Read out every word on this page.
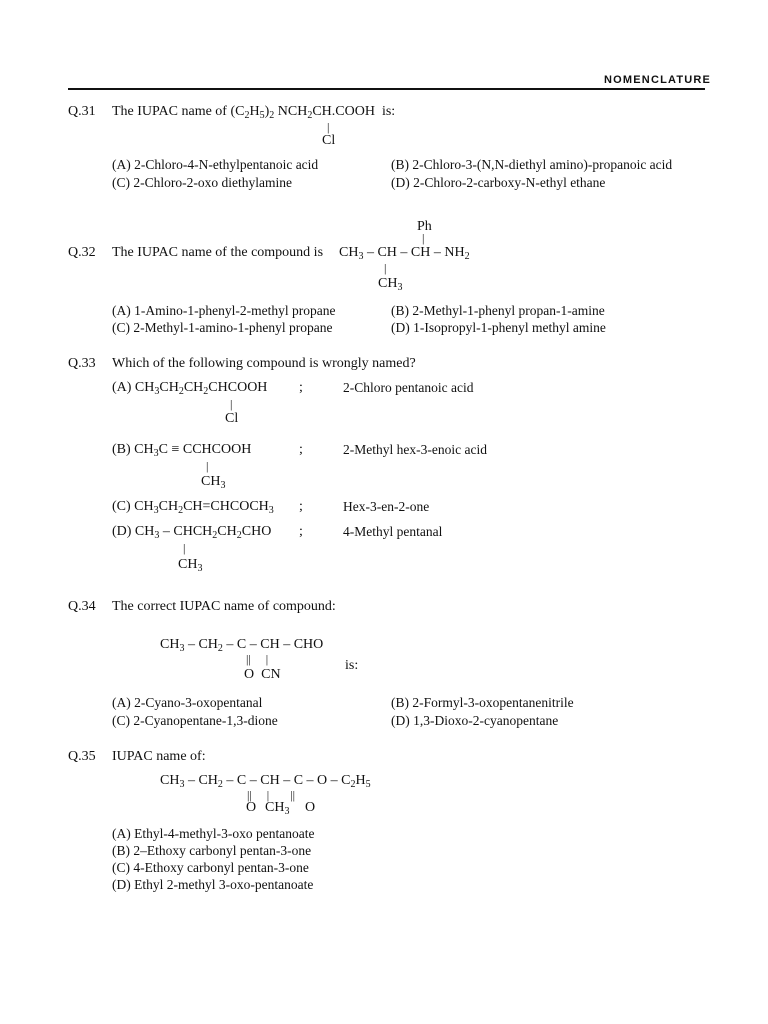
NOMENCLATURE
Q.31 The IUPAC name of $(C_2H_5)_2$ $NCH_2CH.COOH$ is:
|
Cl
(A) 2-Chloro-4-N-ethylpentanoic acid	(B) 2-Chloro-3-(N,N-diethyl amino)-propanoic acid
(C) 2-Chloro-2-oxo diethylamine	(D) 2-Chloro-2-carboxy-N-ethyl ethane
Ph
|
Q.32 The IUPAC name of the compound is $CH_3$ – CH – CH – $NH_2$
|
$CH_3$
(A) 1-Amino-1-phenyl-2-methyl propane	(B) 2-Methyl-1-phenyl propan-1-amine
(C) 2-Methyl-1-amino-1-phenyl propane	(D) 1-Isopropyl-1-phenyl methyl amine
Q.33 Which of the following compound is wrongly named?
(A) $CH_3CH_2CH_2CHCOOH$ ;	2-Chloro pentanoic acid
|
Cl
(B) $CH_3C$ ≡ CCHCOOH	;	2-Methyl hex-3-enoic acid
|
$CH_3$
(C) $CH_3CH_2CH=CHCOCH_3$ ;	Hex-3-en-2-one
(D) $CH_3$ – $CHCH_2CH_2CHO$ ;	4-Methyl pentanal
|
$CH_3$
Q.34 The correct IUPAC name of compound:
$CH_3 - CH_2$ – C – CH – CHO
||   |	is:
O  CN
(A) 2-Cyano-3-oxopentanal	(B) 2-Formyl-3-oxopentanenitrile
(C) 2-Cyanopentane-1,3-dione	(D) 1,3-Dioxo-2-cyanopentane
Q.35 IUPAC name of:
$CH_3 - CH_2$ – C – CH – C – O – $C_2H_5$
||     |       ||
O $CH_3$ O
(A) Ethyl-4-methyl-3-oxo pentanoate
(B) 2–Ethoxy carbonyl pentan-3-one
(C) 4-Ethoxy carbonyl pentan-3-one
(D) Ethyl 2-methyl 3-oxo-pentanoate
